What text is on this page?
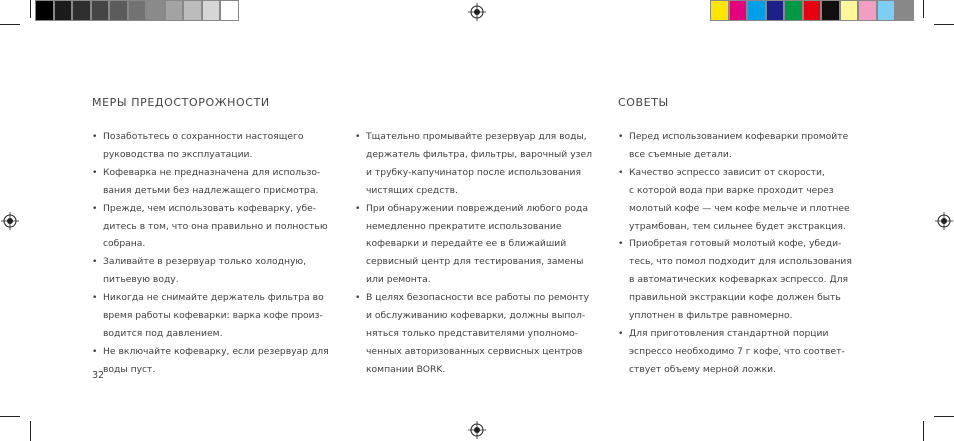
МЕРЫ ПРЕДОСТОРОЖНОСТИ	СОВЕТЫ
• Позаботьтесь о сохранности настоящего
руководства по эксплуатации.
• Кофеварка не предназначена для использо-
вания детьми без надлежащего присмотра.
• Прежде, чем использовать кофеварку, убе-
дитесь в том, что она правильно и полностью
собрана.
• Заливайте в резервуар только холодную,
питьевую воду.
• Никогда не снимайте держатель фильтра во
время работы кофеварки: варка кофе произ-
водится под давлением.
• Не включайте кофеварку, если резервуар для
воды пуст.
• Тщательно промывайте резервуар для воды,
держатель фильтра, фильтры, варочный узел
и трубку-капучинатор после использования
чистящих средств.
• При обнаружении повреждений любого рода
немедленно прекратите использование
кофеварки и передайте ее в ближайший
сервисный центр для тестирования, замены
или ремонта.
• В целях безопасности все работы по ремонту
и обслуживанию кофеварки, должны выпол-
няться только представителями уполномо-
ченных авторизованных сервисных центров
компании BORK.
• Перед использованием кофеварки промойте
все съемные детали.
• Качество эспрессо зависит от скорости,
с которой вода при варке проходит через
молотый кофе — чем кофе мельче и плотнее
утрамбован, тем сильнее будет экстракция.
• Приобретая готовый молотый кофе, убеди-
тесь, что помол подходит для использования
в автоматических кофеварках эспрессо. Для
правильной экстракции кофе должен быть
уплотнен в фильтре равномерно.
• Для приготовления стандартной порции
эспрессо необходимо 7 г кофе, что соответ-
ствует объему мерной ложки.
32
